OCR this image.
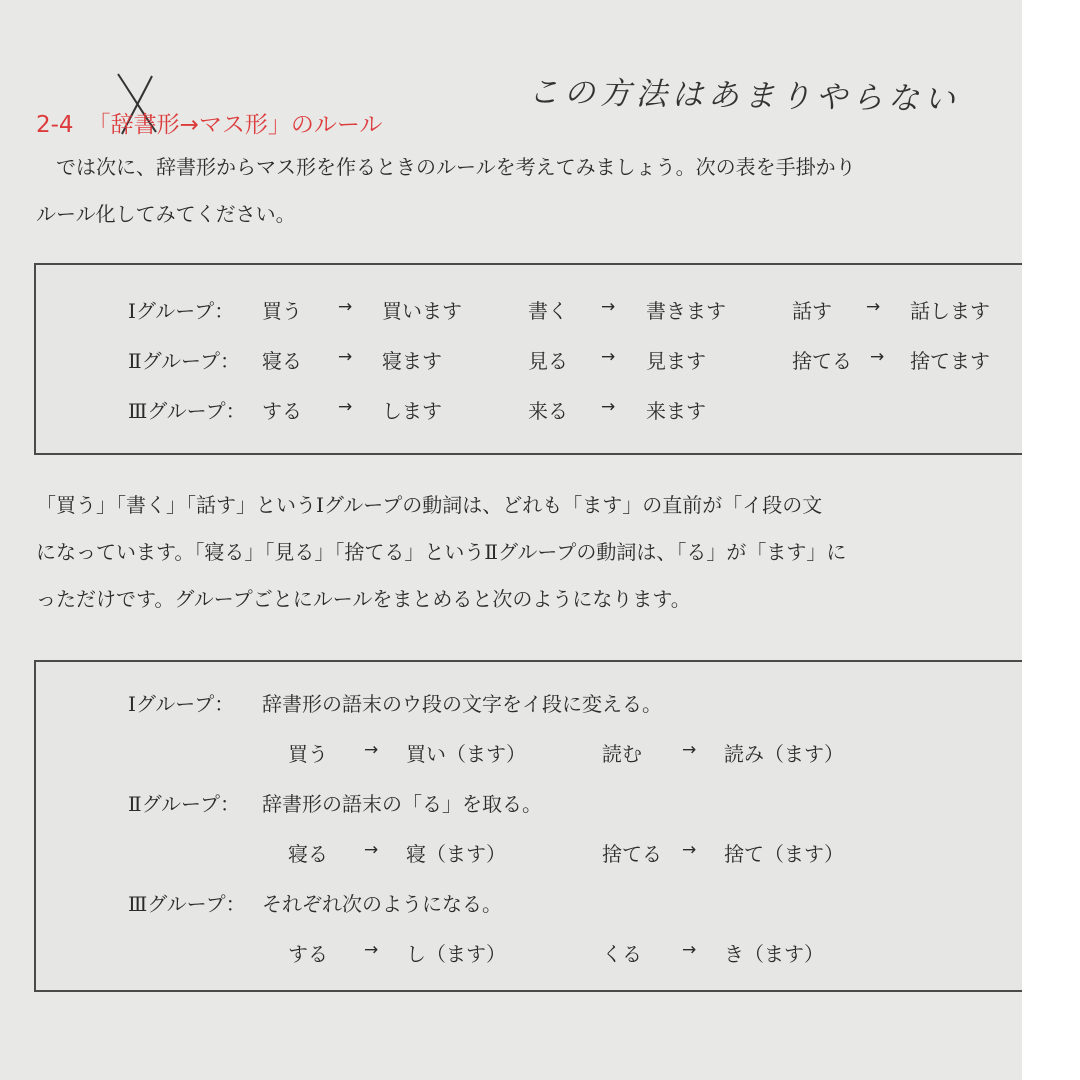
2-4 「辞書形→マス形」のルール
この方法はあまりやらない
　では次に、辞書形からマス形を作るときのルールを考えてみましょう。次の表を手掛かり
ルール化してみてください。
Ⅰグループ： 買う → 買います	書く → 書きます	話す → 話します
Ⅱグループ： 寝る → 寝ます	見る → 見ます	捨てる → 捨てます
Ⅲグループ： する → します	来る → 来ます
「買う」「書く」「話す」というⅠグループの動詞は、どれも「ます」の直前が「イ段の文
になっています。「寝る」「見る」「捨てる」というⅡグループの動詞は、「る」が「ます」に
っただけです。グループごとにルールをまとめると次のようになります。
Ⅰグループ： 辞書形の語末のウ段の文字をイ段に変える。
買う → 買い（ます）	読む → 読み（ます）
Ⅱグループ： 辞書形の語末の「る」を取る。
寝る → 寝（ます）	捨てる → 捨て（ます）
Ⅲグループ： それぞれ次のようになる。
する → し（ます）	くる → き（ます）
